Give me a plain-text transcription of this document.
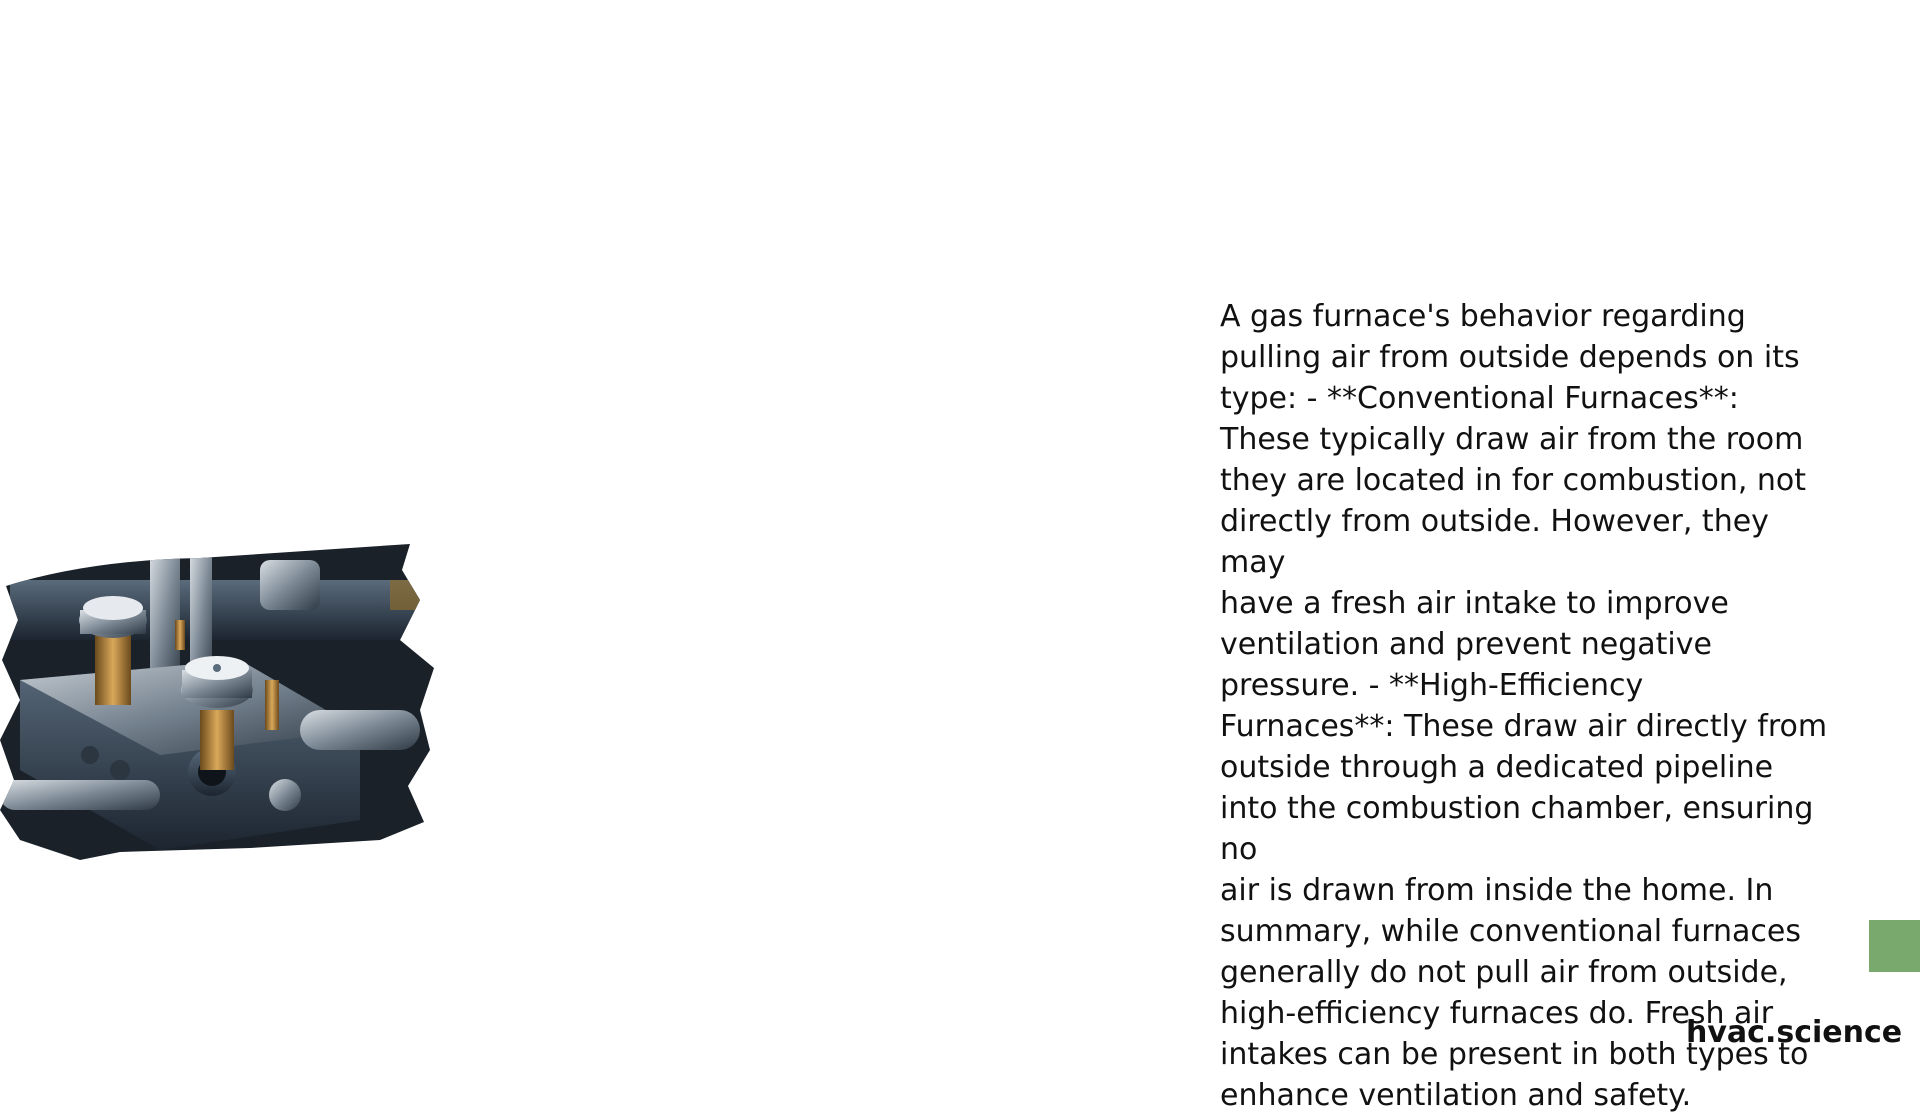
A gas furnace's behavior regarding
pulling air from outside depends on its
type: - **Conventional Furnaces**:
These typically draw air from the room
they are located in for combustion, not
directly from outside. However, they may
have a fresh air intake to improve
ventilation and prevent negative
pressure. - **High-Efficiency
Furnaces**: These draw air directly from
outside through a dedicated pipeline
into the combustion chamber, ensuring no
air is drawn from inside the home. In
summary, while conventional furnaces
generally do not pull air from outside,
high-efficiency furnaces do. Fresh air
intakes can be present in both types to
enhance ventilation and safety.
hvac.science
